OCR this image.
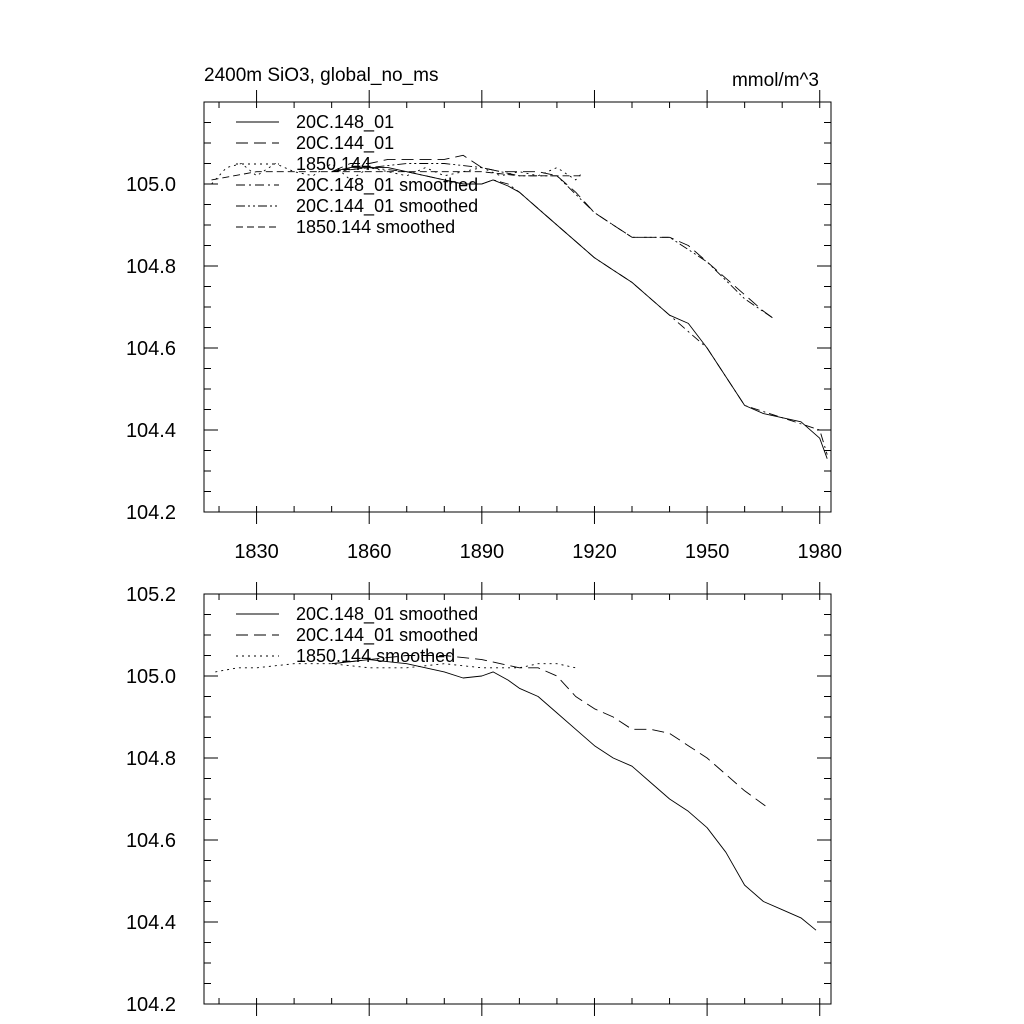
2400m SiO3, global_no_ms	mmol/m^3
1830	1860	1890	1920	1950	1980
104.2
104.4
104.6
104.8
105.0
20C.148_01
20C.144_01
1850.144
20C.148_01 smoothed
20C.144_01 smoothed
1850.144 smoothed
104.2
104.4
104.6
104.8
105.0
105.2
20C.148_01 smoothed
20C.144_01 smoothed
1850.144 smoothed
